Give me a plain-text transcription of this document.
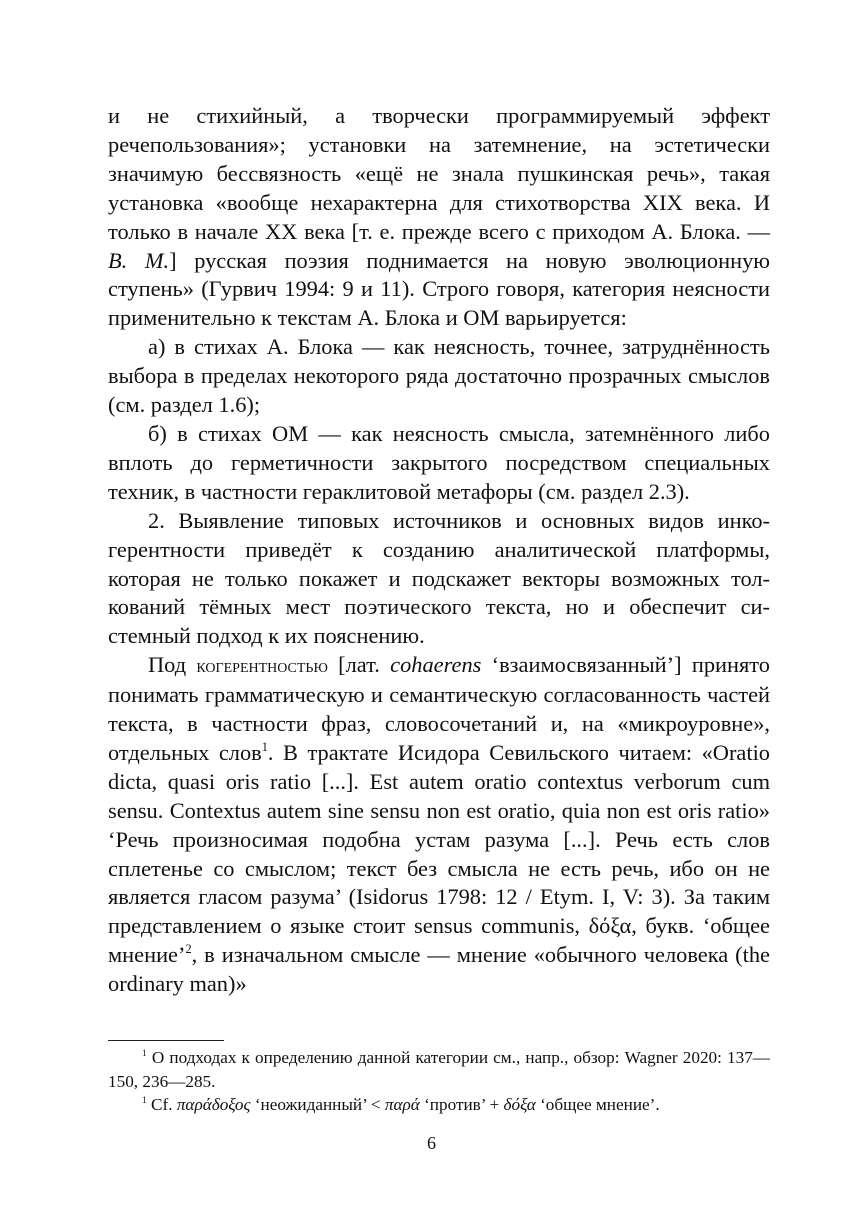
и не стихийный, а творчески программируемый эффект речепользования»; установки на затемнение, на эстетически значимую бессвязность «ещё не знала пушкинская речь», такая установка «вообще нехарактерна для стихотворства XIX века. И только в начале XX века [т. е. прежде всего с приходом А. Блока. — В. М.] русская поэзия поднимается на новую эволюционную ступень» (Гурвич 1994: 9 и 11). Строго говоря, категория неясности применительно к текстам А. Блока и ОМ варьируется:

а) в стихах А. Блока — как неясность, точнее, затруднённость выбора в пределах некоторого ряда достаточно прозрачных смыслов (см. раздел 1.6);

б) в стихах ОМ — как неясность смысла, затемнённого либо вплоть до герметичности закрытого посредством специальных техник, в частности гераклитовой метафоры (см. раздел 2.3).

2. Выявление типовых источников и основных видов инкогерентности приведёт к созданию аналитической платформы, которая не только покажет и подскажет векторы возможных толкований тёмных мест поэтического текста, но и обеспечит системный подход к их пояснению.

Под когерентностью [лат. cohaerens ‘взаимосвязанный’] принято понимать грамматическую и семантическую согласованность частей текста, в частности фраз, словосочетаний и, на «микроуровне», отдельных слов$^1$. В трактате Исидора Севильского читаем: «Oratio dicta, quasi oris ratio [...]. Est autem oratio contextus verborum cum sensu. Contextus autem sine sensu non est oratio, quia non est oris ratio» ‘Речь произносимая подобна устам разума [...]. Речь есть слов сплетенье со смыслом; текст без смысла не есть речь, ибо он не является гласом разума’ (Isidorus 1798: 12 / Etym. I, V: 3). За таким представлением о языке стоит sensus communis, δόξα, букв. ‘общее мнение’$^2$, в изначальном смысле — мнение «обычного человека (the ordinary man)»

$^1$ О подходах к определению данной категории см., напр., обзор: Wagner 2020: 137—150, 236—285.

$^1$ Cf. παράδοξος ‘неожиданный’ < παρά ‘против’ + δόξα ‘общее мнение’.

6
